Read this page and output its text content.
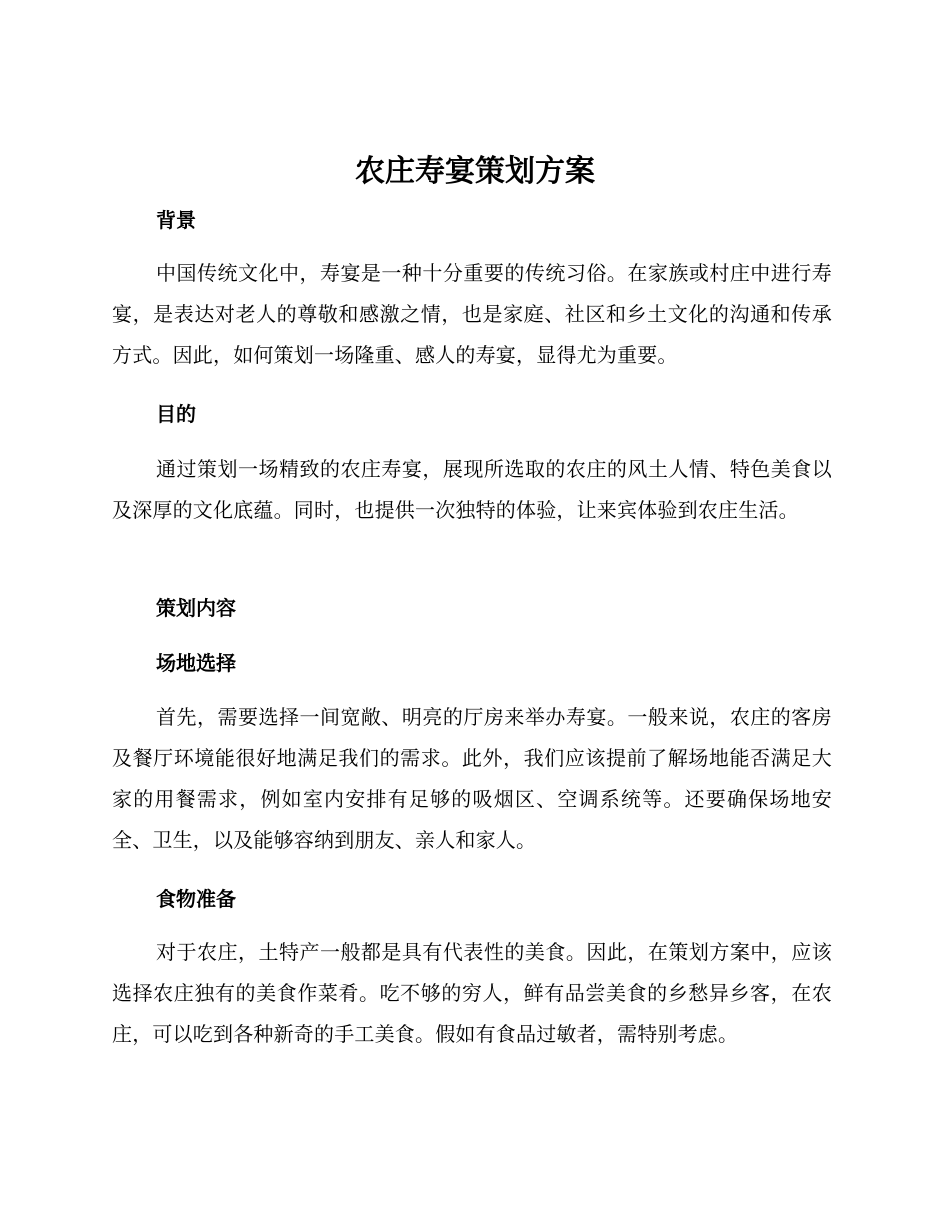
农庄寿宴策划方案
背景

中国传统文化中，寿宴是一种十分重要的传统习俗。在家族或村庄中进行寿宴，是表达对老人的尊敬和感激之情，也是家庭、社区和乡土文化的沟通和传承方式。因此，如何策划一场隆重、感人的寿宴，显得尤为重要。

目的

通过策划一场精致的农庄寿宴，展现所选取的农庄的风土人情、特色美食以及深厚的文化底蕴。同时，也提供一次独特的体验，让来宾体验到农庄生活。

策划内容
场地选择

首先，需要选择一间宽敞、明亮的厅房来举办寿宴。一般来说，农庄的客房及餐厅环境能很好地满足我们的需求。此外，我们应该提前了解场地能否满足大家的用餐需求，例如室内安排有足够的吸烟区、空调系统等。还要确保场地安全、卫生，以及能够容纳到朋友、亲人和家人。

食物准备

对于农庄，土特产一般都是具有代表性的美食。因此，在策划方案中，应该选择农庄独有的美食作菜肴。吃不够的穷人，鲜有品尝美食的乡愁异乡客，在农庄，可以吃到各种新奇的手工美食。假如有食品过敏者，需特别考虑。
